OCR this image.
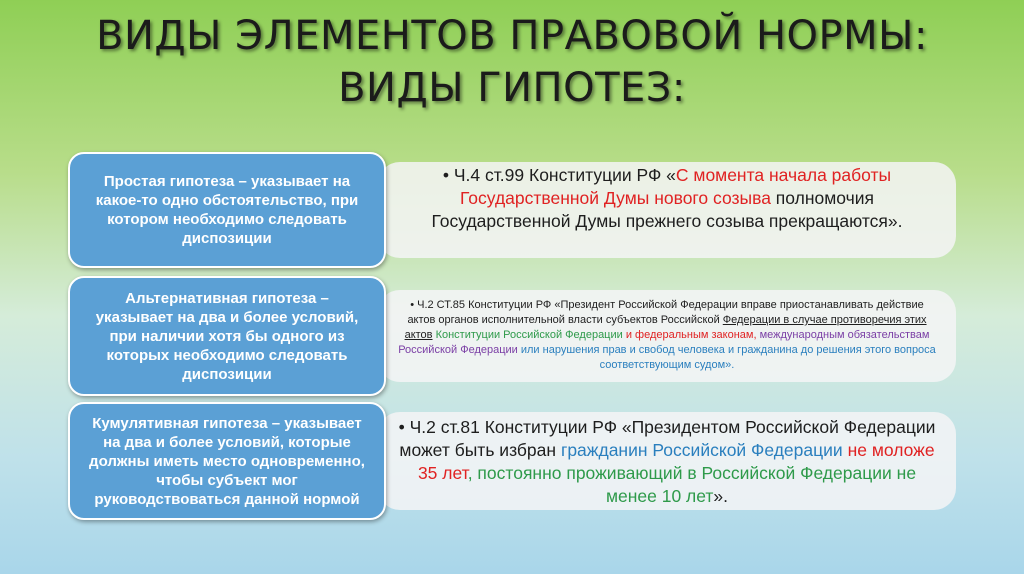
ВИДЫ ЭЛЕМЕНТОВ ПРАВОВОЙ НОРМЫ: ВИДЫ ГИПОТЕЗ:
• Ч.4 ст.99 Конституции РФ «С момента начала работы Государственной Думы нового созыва полномочия Государственной Думы прежнего созыва прекращаются».
Простая гипотеза – указывает на какое-то одно обстоятельство, при котором необходимо следовать диспозиции
• Ч.2 СТ.85 Конституции РФ «Президент Российской Федерации вправе приостанавливать действие актов органов исполнительной власти субъектов Российской Федерации в случае противоречия этих актов Конституции Российской Федерации и федеральным законам, международным обязательствам Российской Федерации или нарушения прав и свобод человека и гражданина до решения этого вопроса соответствующим судом».
Альтернативная гипотеза – указывает на два и более условий, при наличии хотя бы одного из которых необходимо следовать диспозиции
• Ч.2 ст.81 Конституции РФ «Президентом Российской Федерации может быть избран гражданин Российской Федерации не моложе 35 лет, постоянно проживающий в Российской Федерации не менее 10 лет».
Кумулятивная гипотеза – указывает на два и более условий, которые должны иметь место одновременно, чтобы субъект мог руководствоваться данной нормой
